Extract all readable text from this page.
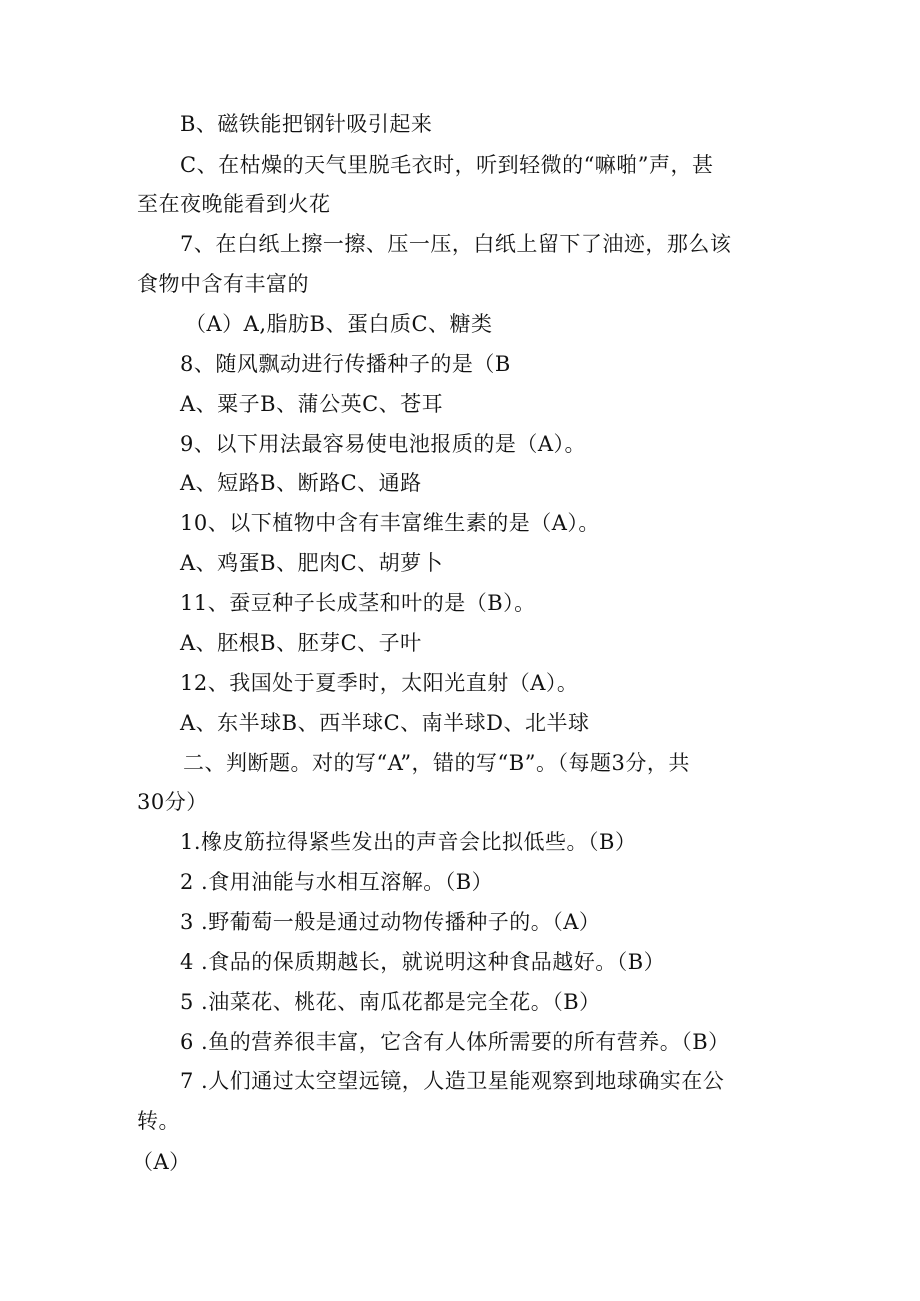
B、磁铁能把钢针吸引起来
C、在枯燥的天气里脱毛衣时，听到轻微的“嘛啪”声，甚
至在夜晚能看到火花
7、在白纸上擦一擦、压一压，白纸上留下了油迹，那么该
食物中含有丰富的
（A）A,脂肪B、蛋白质C、糖类
8、随风飘动进行传播种子的是（B
A、粟子B、蒲公英C、苍耳
9、以下用法最容易使电池报质的是（A）。
A、短路B、断路C、通路
10、以下植物中含有丰富维生素的是（A）。
A、鸡蛋B、肥肉C、胡萝卜
11、蚕豆种子长成茎和叶的是（B）。
A、胚根B、胚芽C、子叶
12、我国处于夏季时，太阳光直射（A）。
A、东半球B、西半球C、南半球D、北半球
二、判断题。对的写“A”，错的写“B”。（每题3分，共
30分）
1.橡皮筋拉得紧些发出的声音会比拟低些。（B）
2 .食用油能与水相互溶解。（B）
3 .野葡萄一般是通过动物传播种子的。（A）
4 .食品的保质期越长，就说明这种食品越好。（B）
5 .油菜花、桃花、南瓜花都是完全花。（B）
6 .鱼的营养很丰富，它含有人体所需要的所有营养。（B）
7 .人们通过太空望远镜，人造卫星能观察到地球确实在公
转。
（A）
